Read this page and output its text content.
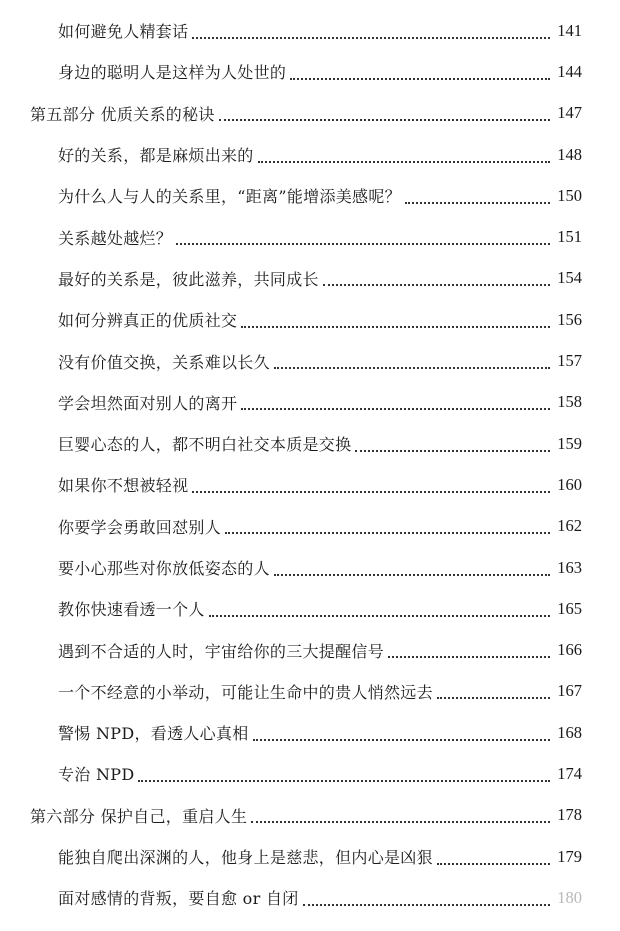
如何避免人精套话	141
身边的聪明人是这样为人处世的	144
第五部分 优质关系的秘诀	147
好的关系，都是麻烦出来的	148
为什么人与人的关系里，“距离”能增添美感呢？	150
关系越处越烂？	151
最好的关系是，彼此滋养，共同成长	154
如何分辨真正的优质社交	156
没有价值交换，关系难以长久	157
学会坦然面对别人的离开	158
巨婴心态的人，都不明白社交本质是交换	159
如果你不想被轻视	160
你要学会勇敢回怼别人	162
要小心那些对你放低姿态的人	163
教你快速看透一个人	165
遇到不合适的人时，宇宙给你的三大提醒信号	166
一个不经意的小举动，可能让生命中的贵人悄然远去	167
警惕 NPD，看透人心真相	168
专治 NPD	174
第六部分 保护自己，重启人生	178
能独自爬出深渊的人，他身上是慈悲，但内心是凶狠	179
面对感情的背叛，要自愈 or 自闭	180
